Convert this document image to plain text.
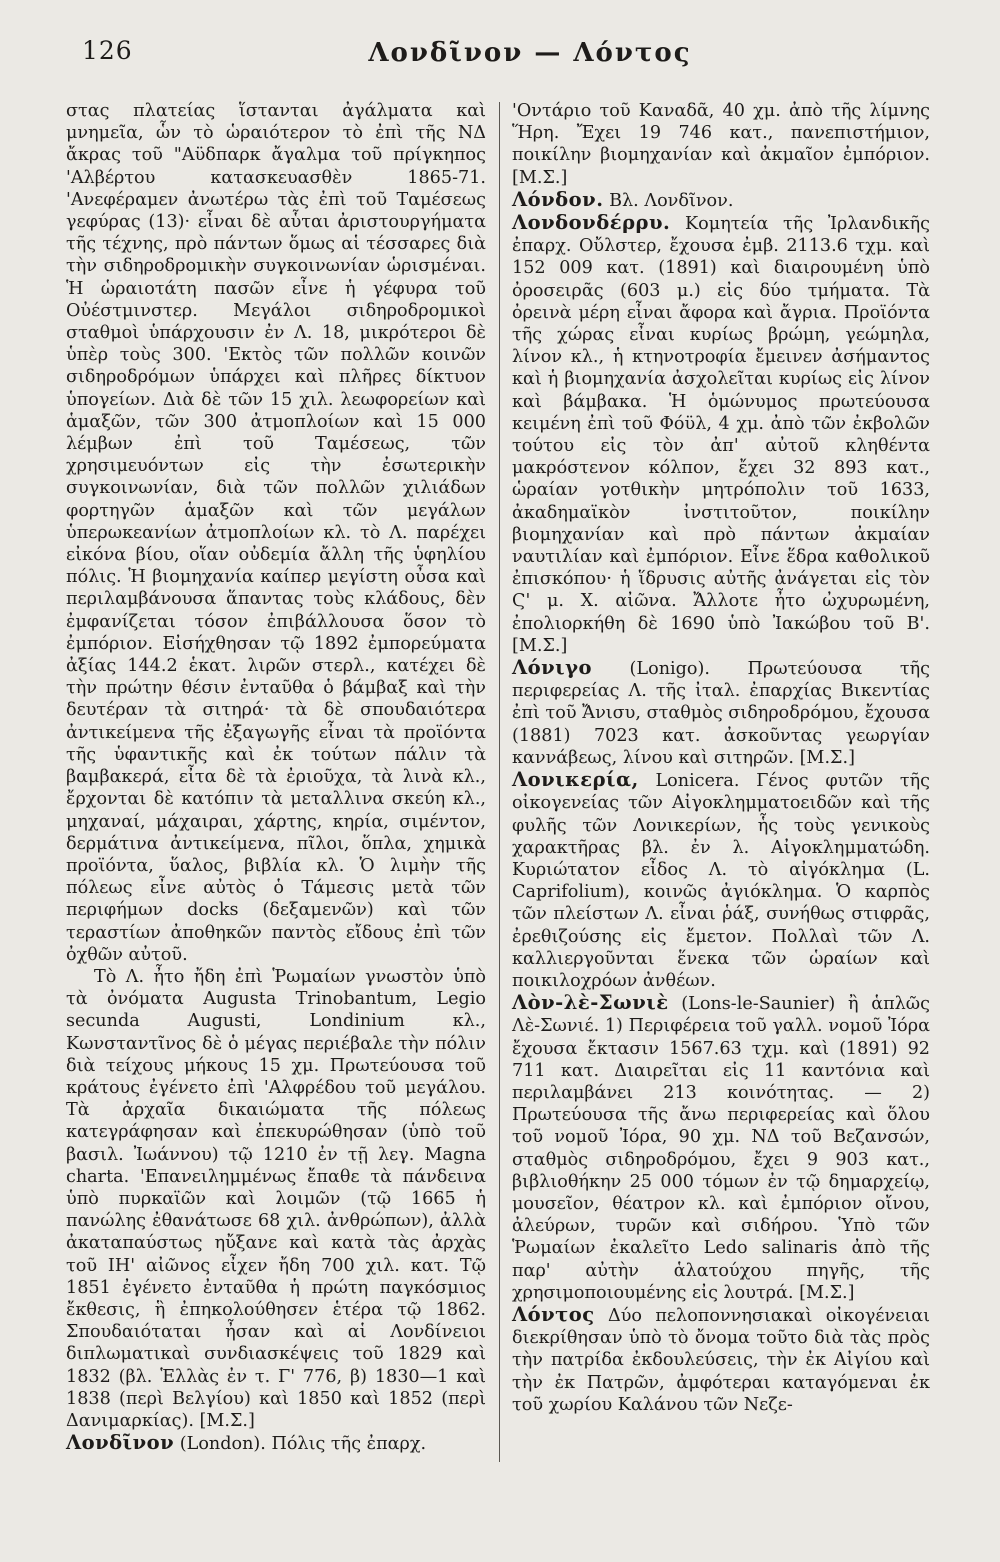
126	Λονδῖνον — Λόντος

στας πλατείας ἵστανται ἀγάλματα καὶ μνημεῖα, ὧν τὸ ὡραιότερον τὸ ἐπὶ τῆς ΝΔ ἄκρας τοῦ "Αϋδπαρκ ἄγαλμα τοῦ πρίγκηπος 'Αλβέρτου κατασκευασθὲν 1865-71. 'Ανεφέραμεν ἀνωτέρω τὰς ἐπὶ τοῦ Ταμέσεως γεφύρας (13)· εἶναι δὲ αὗται ἀριστουργήματα τῆς τέχνης, πρὸ πάντων ὅμως αἱ τέσσαρες διὰ τὴν σιδηροδρομικὴν συγκοινωνίαν ὡρισμέναι. Ἡ ὡραιοτάτη πασῶν εἶνε ἡ γέφυρα τοῦ Οὐέστμινστερ. Μεγάλοι σιδηροδρομικοὶ σταθμοὶ ὑπάρχουσιν ἐν Λ. 18, μικρότεροι δὲ ὑπὲρ τοὺς 300. 'Εκτὸς τῶν πολλῶν κοινῶν σιδηροδρόμων ὑπάρχει καὶ πλῆρες δίκτυον ὑπογείων. Διὰ δὲ τῶν 15 χιλ. λεωφορείων καὶ ἁμαξῶν, τῶν 300 ἀτμοπλοίων καὶ 15 000 λέμβων ἐπὶ τοῦ Ταμέσεως, τῶν χρησιμευόντων εἰς τὴν ἐσωτερικὴν συγκοινωνίαν, διὰ τῶν πολλῶν χιλιάδων φορτηγῶν ἁμαξῶν καὶ τῶν μεγάλων ὑπερωκεανίων ἀτμοπλοίων κλ. τὸ Λ. παρέχει εἰκόνα βίου, οἵαν οὐδεμία ἄλλη τῆς ὑφηλίου πόλις. Ἡ βιομηχανία καίπερ μεγίστη οὖσα καὶ περιλαμβάνουσα ἅπαντας τοὺς κλάδους, δὲν ἐμφανίζεται τόσον ἐπιβάλλουσα ὅσον τὸ ἐμπόριον. Εἰσήχθησαν τῷ 1892 ἐμπορεύματα ἀξίας 144.2 ἑκατ. λιρῶν στερλ., κατέχει δὲ τὴν πρώτην θέσιν ἐνταῦθα ὁ βάμβαξ καὶ τὴν δευτέραν τὰ σιτηρά· τὰ δὲ σπουδαιότερα ἀντικείμενα τῆς ἐξαγωγῆς εἶναι τὰ προϊόντα τῆς ὑφαντικῆς καὶ ἐκ τούτων πάλιν τὰ βαμβακερά, εἶτα δὲ τὰ ἐριοῦχα, τὰ λινὰ κλ., ἔρχονται δὲ κατόπιν τὰ μεταλλινα σκεύη κλ., μηχαναί, μάχαιραι, χάρτης, κηρία, σιμέντον, δερμάτινα ἀντικείμενα, πῖλοι, ὅπλα, χημικὰ προϊόντα, ὕαλος, βιβλία κλ. Ὁ λιμὴν τῆς πόλεως εἶνε αὐτὸς ὁ Τάμεσις μετὰ τῶν περιφήμων docks (δεξαμενῶν) καὶ τῶν τεραστίων ἀποθηκῶν παντὸς εἴδους ἐπὶ τῶν ὀχθῶν αὐτοῦ.

Τὸ Λ. ἦτο ἤδη ἐπὶ Ῥωμαίων γνωστὸν ὑπὸ τὰ ὀνόματα Augusta Trinobantum, Legio secunda Augusti, Londinium κλ., Κωνσταντῖνος δὲ ὁ μέγας περιέβαλε τὴν πόλιν διὰ τείχους μήκους 15 χμ. Πρωτεύουσα τοῦ κράτους ἐγένετο ἐπὶ 'Αλφρέδου τοῦ μεγάλου. Τὰ ἀρχαῖα δικαιώματα τῆς πόλεως κατεγράφησαν καὶ ἐπεκυρώθησαν (ὑπὸ τοῦ βασιλ. Ἰωάννου) τῷ 1210 ἐν τῇ λεγ. Magna charta. 'Επανειλημμένως ἔπαθε τὰ πάνδεινα ὑπὸ πυρκαϊῶν καὶ λοιμῶν (τῷ 1665 ἡ πανώλης ἐθανάτωσε 68 χιλ. ἀνθρώπων), ἀλλὰ ἀκαταπαύστως ηὔξανε καὶ κατὰ τὰς ἀρχὰς τοῦ ΙΗ' αἰῶνος εἶχεν ἤδη 700 χιλ. κατ. Τῷ 1851 ἐγένετο ἐνταῦθα ἡ πρώτη παγκόσμιος ἔκθεσις, ἣ ἐπηκολούθησεν ἑτέρα τῷ 1862. Σπουδαιόταται ἦσαν καὶ αἱ Λονδίνειοι διπλωματικαὶ συνδιασκέψεις τοῦ 1829 καὶ 1832 (βλ. Ἑλλὰς ἐν τ. Γ' 776, β) 1830—1 καὶ 1838 (περὶ Βελγίου) καὶ 1850 καὶ 1852 (περὶ Δανιμαρκίας). [Μ.Σ.]

Λονδῖνον (London). Πόλις τῆς ἐπαρχ.

'Οντάριο τοῦ Καναδᾶ, 40 χμ. ἀπὸ τῆς λίμνης Ἥρη. Ἔχει 19 746 κατ., πανεπιστήμιον, ποικίλην βιομηχανίαν καὶ ἀκμαῖον ἐμπόριον. [Μ.Σ.]

Λόνδον. Βλ. Λονδῖνον.

Λονδονδέρρυ. Κομητεία τῆς Ἰρλανδικῆς ἐπαρχ. Οὔλστερ, ἔχουσα ἐμβ. 2113.6 τχμ. καὶ 152 009 κατ. (1891) καὶ διαιρουμένη ὑπὸ ὀροσειρᾶς (603 μ.) εἰς δύο τμήματα. Τὰ ὀρεινὰ μέρη εἶναι ἄφορα καὶ ἄγρια. Προϊόντα τῆς χώρας εἶναι κυρίως βρώμη, γεώμηλα, λίνον κλ., ἡ κτηνοτροφία ἔμεινεν ἀσήμαντος καὶ ἡ βιομηχανία ἀσχολεῖται κυρίως εἰς λίνον καὶ βάμβακα. Ἡ ὁμώνυμος πρωτεύουσα κειμένη ἐπὶ τοῦ Φόϋλ, 4 χμ. ἀπὸ τῶν ἐκβολῶν τούτου εἰς τὸν ἀπ' αὐτοῦ κληθέντα μακρόστενον κόλπον, ἔχει 32 893 κατ., ὡραίαν γοτθικὴν μητρόπολιν τοῦ 1633, ἀκαδημαϊκὸν ἰνστιτοῦτον, ποικίλην βιομηχανίαν καὶ πρὸ πάντων ἀκμαίαν ναυτιλίαν καὶ ἐμπόριον. Εἶνε ἕδρα καθολικοῦ ἐπισκόπου· ἡ ἵδρυσις αὐτῆς ἀνάγεται εἰς τὸν Ϛ' μ. Χ. αἰῶνα. Ἄλλοτε ἦτο ὠχυρωμένη, ἐπολιορκήθη δὲ 1690 ὑπὸ Ἰακώβου τοῦ Β'. [Μ.Σ.]

Λόνιγο (Lonigo). Πρωτεύουσα τῆς περιφερείας Λ. τῆς ἰταλ. ἐπαρχίας Βικεντίας ἐπὶ τοῦ Ἄνισυ, σταθμὸς σιδηροδρόμου, ἔχουσα (1881) 7023 κατ. ἀσκοῦντας γεωργίαν καννάβεως, λίνου καὶ σιτηρῶν. [Μ.Σ.]

Λονικερία, Lonicera. Γένος φυτῶν τῆς οἰκογενείας τῶν Αἰγοκλημματοειδῶν καὶ τῆς φυλῆς τῶν Λονικερίων, ἧς τοὺς γενικοὺς χαρακτῆρας βλ. ἐν λ. Αἰγοκλημματώδη. Κυριώτατον εἶδος Λ. τὸ αἰγόκλημα (L. Caprifolium), κοινῶς ἀγιόκλημα. Ὁ καρπὸς τῶν πλείστων Λ. εἶναι ῥάξ, συνήθως στιφρᾶς, ἐρεθιζούσης εἰς ἔμετον. Πολλαὶ τῶν Λ. καλλιεργοῦνται ἕνεκα τῶν ὡραίων καὶ ποικιλοχρόων ἀνθέων.

Λὸν-λὲ-Σωνιὲ (Lons-le-Saunier) ἢ ἁπλῶς Λὲ-Σωνιέ. 1) Περιφέρεια τοῦ γαλλ. νομοῦ Ἰόρα ἔχουσα ἔκτασιν 1567.63 τχμ. καὶ (1891) 92 711 κατ. Διαιρεῖται εἰς 11 καντόνια καὶ περιλαμβάνει 213 κοινότητας. — 2) Πρωτεύουσα τῆς ἄνω περιφερείας καὶ ὅλου τοῦ νομοῦ Ἰόρα, 90 χμ. ΝΔ τοῦ Βεζανσών, σταθμὸς σιδηροδρόμου, ἔχει 9 903 κατ., βιβλιοθήκην 25 000 τόμων ἐν τῷ δημαρχείῳ, μουσεῖον, θέατρον κλ. καὶ ἐμπόριον οἴνου, ἀλεύρων, τυρῶν καὶ σιδήρου. Ὑπὸ τῶν Ῥωμαίων ἐκαλεῖτο Ledo salinaris ἀπὸ τῆς παρ' αὐτὴν ἁλατούχου πηγῆς, τῆς χρησιμοποιουμένης εἰς λουτρά. [Μ.Σ.]

Λόντος Δύο πελοποννησιακαὶ οἰκογένειαι διεκρίθησαν ὑπὸ τὸ ὄνομα τοῦτο διὰ τὰς πρὸς τὴν πατρίδα ἐκδουλεύσεις, τὴν ἐκ Αἰγίου καὶ τὴν ἐκ Πατρῶν, ἀμφότεραι καταγόμεναι ἐκ τοῦ χωρίου Καλάνου τῶν Νεζε-
